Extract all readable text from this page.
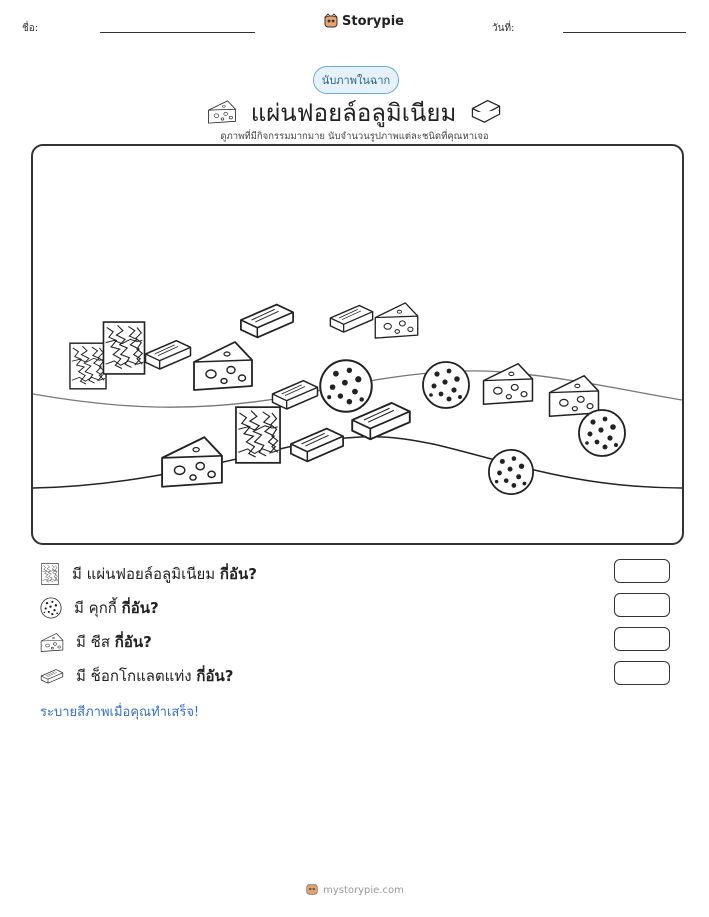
ชื่อ:	Storypie	วันที่:
นับภาพในฉาก
แผ่นฟอยล์อลูมิเนียม
ดูภาพที่มีกิจกรรมมากมาย นับจำนวนรูปภาพแต่ละชนิดที่คุณหาเจอ
มี
แผ่นฟอยล์อลูมิเนียม
กี่อัน?
มี
คุกกี้
กี่อัน?
มี
ชีส
กี่อัน?
มี
ช็อกโกแลตแท่ง
กี่อัน?
ระบายสีภาพเมื่อคุณทำเสร็จ!
mystorypie.com
